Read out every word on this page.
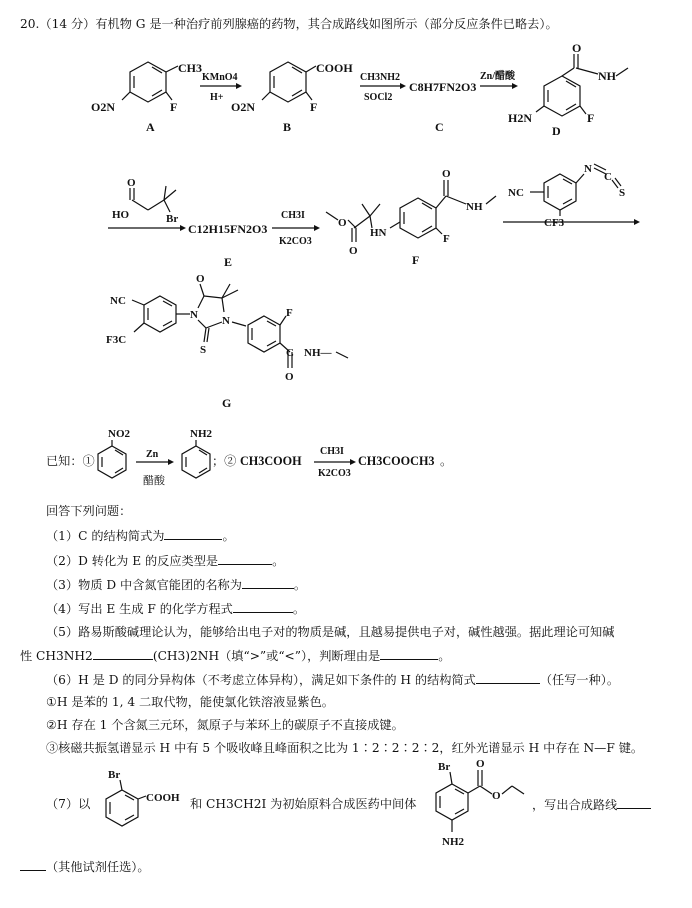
20.（14 分）有机物 G 是一种治疗前列腺癌的药物，其合成路线如图所示（部分反应条件已略去）。
CH3
F
O2N
A
KMnO4
H+
COOH
F
O2N
B
CH3NH2
SOCl2
C8H7FN2O3
C
Zn/醋酸
O
NH
F
H2N
D
O
HO	Br
C12H15FN2O3
E
CH3I
K2CO3
O
O
HN
O
NH
F
F
N
C
S
NC
CF3
NC
F3C
N
O
N
S
F
O
C NH—
G
NO2
Zn
醋酸
NH2
CH3I
K2CO3
Br
COOH
Br O
O
NH2
已知：①	；② CH3COOH	CH3COOCH3 。
回答下列问题：
（1）C 的结构简式为	。
（2）D 转化为 E 的反应类型是	。
（3）物质 D 中含氮官能团的名称为	。
（4）写出 E 生成 F 的化学方程式	。
（5）路易斯酸碱理论认为，能够给出电子对的物质是碱，且越易提供电子对，碱性越强。据此理论可知碱
性 CH3NH2	(CH3)2NH（填“>”或“<”），判断理由是	。
（6）H 是 D 的同分异构体（不考虑立体异构），满足如下条件的 H 的结构简式	（任写一种）。
①H 是苯的 1, 4 二取代物，能使氯化铁溶液显紫色。
②H 存在 1 个含氮三元环，氮原子与苯环上的碳原子不直接成键。
③核磁共振氢谱显示 H 中有 5 个吸收峰且峰面积之比为 1∶2∶2∶2∶2，红外光谱显示 H 中存在 N—F 键。
（7）以	和 CH3CH2I 为初始原料合成医药中间体	，写出合成路线
（其他试剂任选）。
